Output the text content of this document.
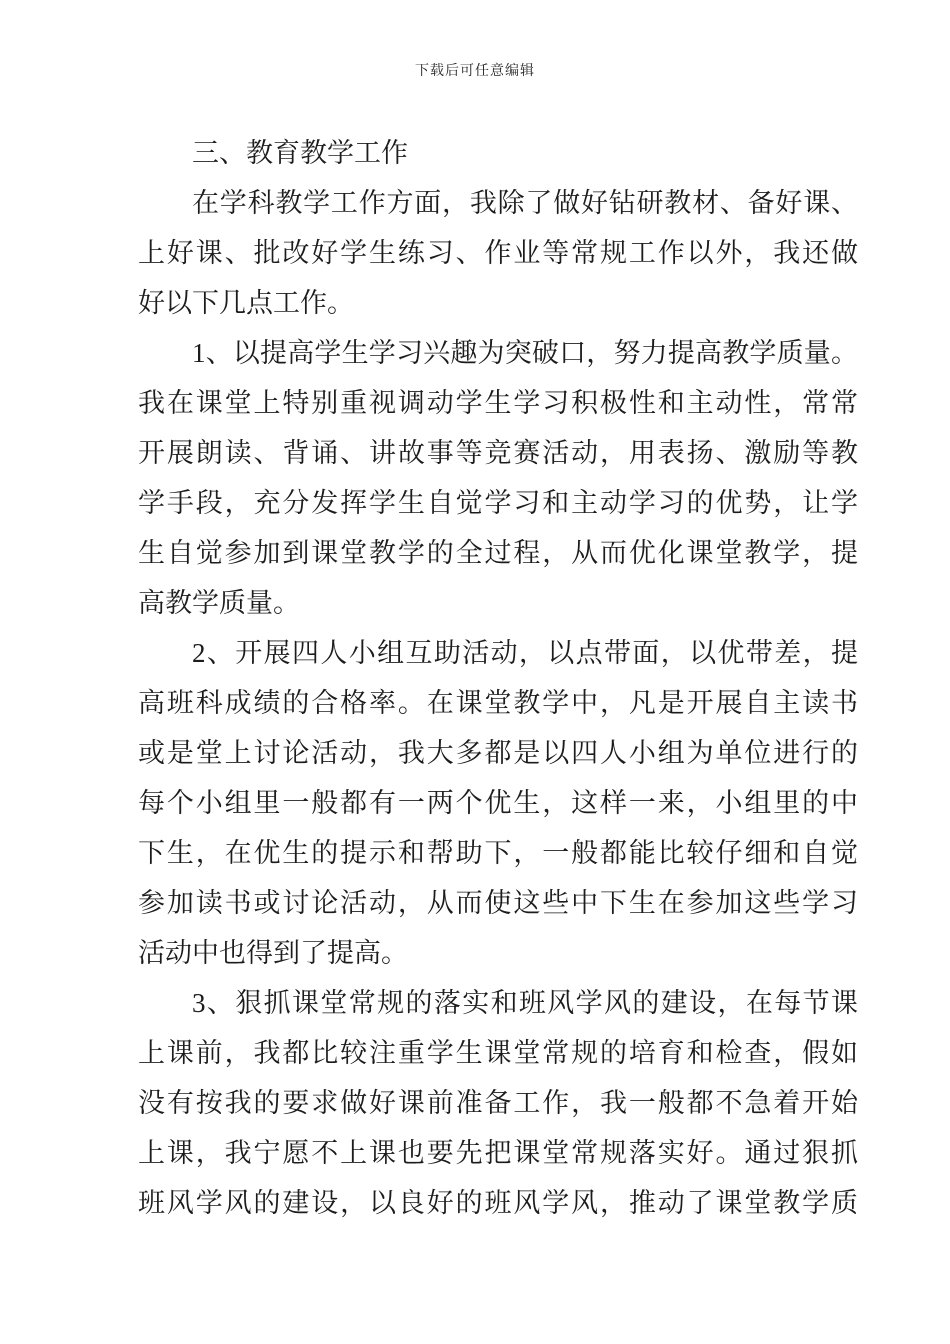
下载后可任意编辑
三、教育教学工作
在学科教学工作方面，我除了做好钻研教材、备好课、
上好课、批改好学生练习、作业等常规工作以外，我还做
好以下几点工作。
1、以提高学生学习兴趣为突破口，努力提高教学质量。
我在课堂上特别重视调动学生学习积极性和主动性，常常
开展朗读、背诵、讲故事等竞赛活动，用表扬、激励等教
学手段，充分发挥学生自觉学习和主动学习的优势，让学
生自觉参加到课堂教学的全过程，从而优化课堂教学，提
高教学质量。
2、开展四人小组互助活动，以点带面，以优带差，提
高班科成绩的合格率。在课堂教学中，凡是开展自主读书
或是堂上讨论活动，我大多都是以四人小组为单位进行的
每个小组里一般都有一两个优生，这样一来，小组里的中
下生，在优生的提示和帮助下，一般都能比较仔细和自觉
参加读书或讨论活动，从而使这些中下生在参加这些学习
活动中也得到了提高。
3、狠抓课堂常规的落实和班风学风的建设，在每节课
上课前，我都比较注重学生课堂常规的培育和检查，假如
没有按我的要求做好课前准备工作，我一般都不急着开始
上课，我宁愿不上课也要先把课堂常规落实好。通过狠抓
班风学风的建设，以良好的班风学风，推动了课堂教学质
